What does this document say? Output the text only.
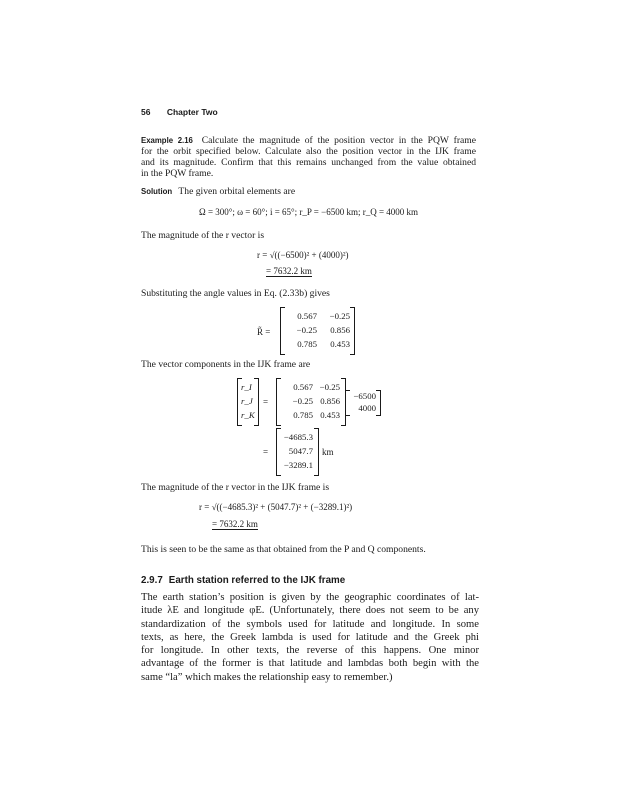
56 Chapter Two
Example 2.16 Calculate the magnitude of the position vector in the PQW frame
for the orbit specified below. Calculate also the position vector in the IJK frame
and its magnitude. Confirm that this remains unchanged from the value obtained
in the PQW frame.
Solution The given orbital elements are
Ω = 300°; ω = 60°; i = 65°; r_P = −6500 km; r_Q = 4000 km
The magnitude of the r vector is
r = √((−6500)² + (4000)²)
= 7632.2 km
Substituting the angle values in Eq. (2.33b) gives
R̃ =
0.567	−0.25
−0.25	0.856
0.785	0.453
The vector components in the IJK frame are
r_I
r_J
r_K
=
0.567 −0.25
−0.25 0.856
0.785 0.453
−6500
4000
=
−4685.3
5047.7
−3289.1
km
The magnitude of the r vector in the IJK frame is
r = √((−4685.3)² + (5047.7)² + (−3289.1)²)
= 7632.2 km
This is seen to be the same as that obtained from the P and Q components.
2.9.7 Earth station referred to the IJK frame
The earth station’s position is given by the geographic coordinates of lat-
itude λE and longitude φE. (Unfortunately, there does not seem to be any
standardization of the symbols used for latitude and longitude. In some
texts, as here, the Greek lambda is used for latitude and the Greek phi
for longitude. In other texts, the reverse of this happens. One minor
advantage of the former is that latitude and lambdas both begin with the
same “la” which makes the relationship easy to remember.)
